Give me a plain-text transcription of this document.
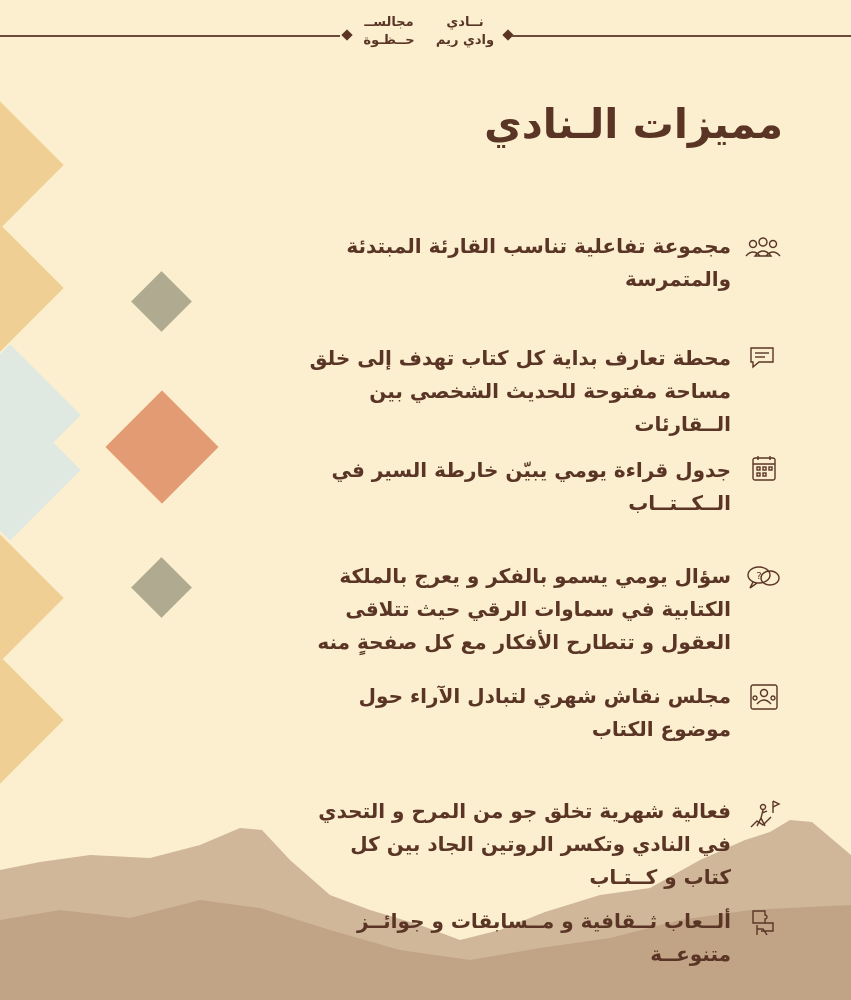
نــادي
وادي ريم
مجالســ
حــظـوة
مميزات الـنادي
مجموعة تفاعلية تناسب القارئة المبتدئة والمتمرسة
محطة تعارف بداية كل كتاب تهدف إلى خلق مساحة مفتوحة للحديث الشخصي بين الــقارئات
جدول قراءة يومي يبيّن خارطة السير في الــكــتــاب
?
سؤال يومي يسمو بالفكر و يعرج بالملكة الكتابية في سماوات الرقي حيث تتلاقى العقول و تتطارح الأفكار مع كل صفحةٍ منه
مجلس نقاش شهري لتبادل الآراء حول موضوع الكتاب
فعالية شهرية تخلق جو من المرح و التحدي في النادي وتكسر الروتين الجاد بين كل كتاب و كــتـاب
ألــعاب ثــقافية و مــسابقات و جوائــز متنوعــة
